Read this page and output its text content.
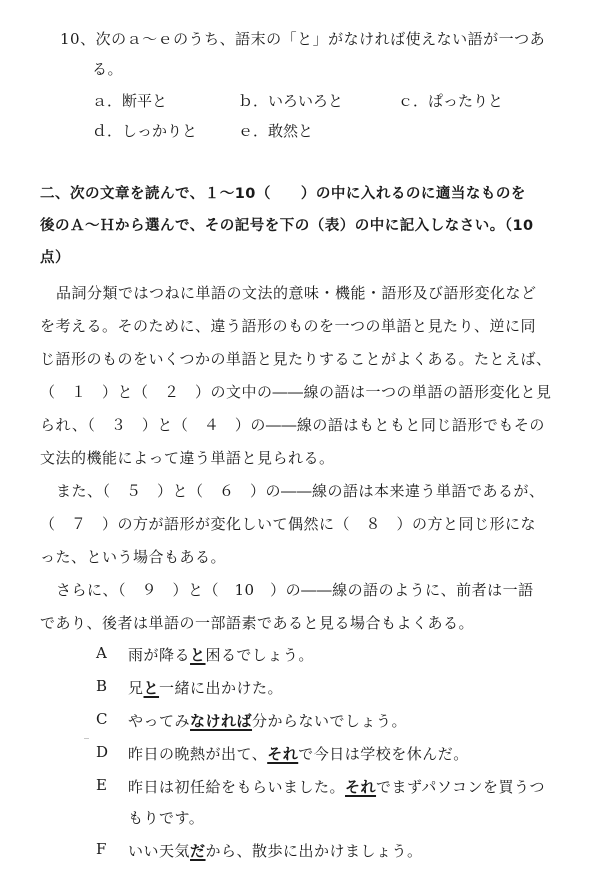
10、次のａ～ｅのうち、語末の「と」がなければ使えない語が一つあ
る。
ａ．断平と	ｂ．いろいろと	ｃ．ぱったりと
ｄ．しっかりと	ｅ．敢然と
二、次の文章を読んで、１～10（　　）の中に入れるのに適当なものを
後のＡ～Ｈから選んで、その記号を下の（表）の中に記入しなさい。（10
点）
品詞分類ではつねに単語の文法的意味・機能・語形及び語形変化など
を考える。そのために、違う語形のものを一つの単語と見たり、逆に同
じ語形のものをいくつかの単語と見たりすることがよくある。たとえば、
（　１　）と（　２　）の文中の――線の語は一つの単語の語形変化と見
られ、（　３　）と（　４　）の――線の語はもともと同じ語形でもその
文法的機能によって違う単語と見られる。
また、（　５　）と（　６　）の――線の語は本来違う単語であるが、
（　７　）の方が語形が変化しいて偶然に（　８　）の方と同じ形にな
った、という場合もある。
さらに、（　９　）と（　10　）の――線の語のように、前者は一語
であり、後者は単語の一部語素であると見る場合もよくある。
A 雨が降ると困るでしょう。
B 兄と一緒に出かけた。
C やってみなければ分からないでしょう。
‾ D 昨日の晩熱が出て、それで今日は学校を休んだ。
E 昨日は初任給をもらいました。それでまずパソコンを買うつ
もりです。
F いい天気だから、散歩に出かけましょう。
